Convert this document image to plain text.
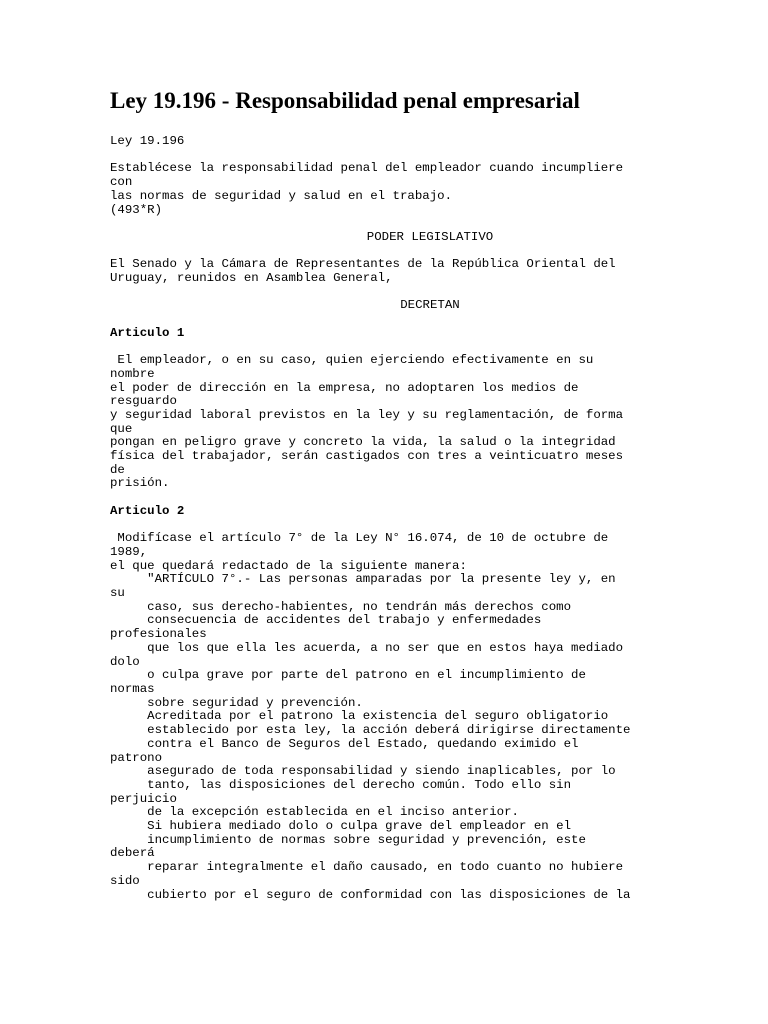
Ley 19.196 - Responsabilidad penal empresarial
Ley 19.196
Establécese la responsabilidad penal del empleador cuando incumpliere
con
las normas de seguridad y salud en el trabajo.
(493*R)
PODER LEGISLATIVO
El Senado y la Cámara de Representantes de la República Oriental del
Uruguay, reunidos en Asamblea General,
DECRETAN
Articulo 1
El empleador, o en su caso, quien ejerciendo efectivamente en su
nombre
el poder de dirección en la empresa, no adoptaren los medios de
resguardo
y seguridad laboral previstos en la ley y su reglamentación, de forma
que
pongan en peligro grave y concreto la vida, la salud o la integridad
física del trabajador, serán castigados con tres a veinticuatro meses
de
prisión.
Articulo 2
Modifícase el artículo 7° de la Ley N° 16.074, de 10 de octubre de
1989,
el que quedará redactado de la siguiente manera:
"ARTÍCULO 7°.- Las personas amparadas por la presente ley y, en
su
caso, sus derecho-habientes, no tendrán más derechos como
consecuencia de accidentes del trabajo y enfermedades
profesionales
que los que ella les acuerda, a no ser que en estos haya mediado
dolo
o culpa grave por parte del patrono en el incumplimiento de
normas
sobre seguridad y prevención.
Acreditada por el patrono la existencia del seguro obligatorio
establecido por esta ley, la acción deberá dirigirse directamente
contra el Banco de Seguros del Estado, quedando eximido el
patrono
asegurado de toda responsabilidad y siendo inaplicables, por lo
tanto, las disposiciones del derecho común. Todo ello sin
perjuicio
de la excepción establecida en el inciso anterior.
Si hubiera mediado dolo o culpa grave del empleador en el
incumplimiento de normas sobre seguridad y prevención, este
deberá
reparar integralmente el daño causado, en todo cuanto no hubiere
sido
cubierto por el seguro de conformidad con las disposiciones de la
